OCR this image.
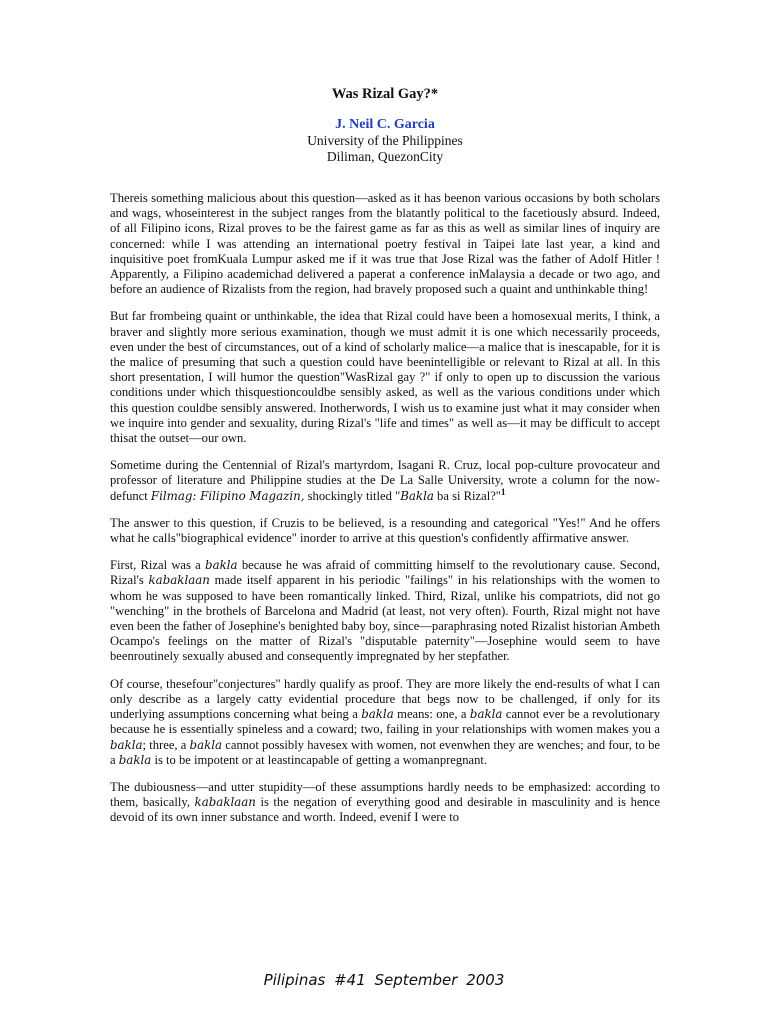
Was Rizal Gay?*
J. Neil C. Garcia
University of the Philippines
Diliman, QuezonCity

Thereis something malicious about this question—asked as it has beenon various occasions by both scholars and wags, whoseinterest in the subject ranges from the blatantly political to the facetiously absurd. Indeed, of all Filipino icons, Rizal proves to be the fairest game as far as this as well as similar lines of inquiry are concerned: while I was attending an international poetry festival in Taipei late last year, a kind and inquisitive poet fromKuala Lumpur asked me if it was true that Jose Rizal was the father of Adolf Hitler ! Apparently, a Filipino academichad delivered a paperat a conference inMalaysia a decade or two ago, and before an audience of Rizalists from the region, had bravely proposed such a quaint and unthinkable thing!

But far frombeing quaint or unthinkable, the idea that Rizal could have been a homosexual merits, I think, a braver and slightly more serious examination, though we must admit it is one which necessarily proceeds, even under the best of circumstances, out of a kind of scholarly malice—a malice that is inescapable, for it is the malice of presuming that such a question could have beenintelligible or relevant to Rizal at all. In this short presentation, I will humor the question"WasRizal gay ?" if only to open up to discussion the various conditions under which thisquestioncouldbe sensibly asked, as well as the various conditions under which this question couldbe sensibly answered. Inotherwords, I wish us to examine just what it may consider when we inquire into gender and sexuality, during Rizal's "life and times" as well as—it may be difficult to accept thisat the outset—our own.

Sometime during the Centennial of Rizal's martyrdom, Isagani R. Cruz, local pop-culture provocateur and professor of literature and Philippine studies at the De La Salle University, wrote a column for the now-defunct Filmag: Filipino Magazin, shockingly titled "Bakla ba si Rizal?"$^1$

The answer to this question, if Cruzis to be believed, is a resounding and categorical "Yes!" And he offers what he calls"biographical evidence" inorder to arrive at this question's confidently affirmative answer.

First, Rizal was a bakla because he was afraid of committing himself to the revolutionary cause. Second, Rizal's kabaklaan made itself apparent in his periodic "failings" in his relationships with the women to whom he was supposed to have been romantically linked. Third, Rizal, unlike his compatriots, did not go "wenching" in the brothels of Barcelona and Madrid (at least, not very often). Fourth, Rizal might not have even been the father of Josephine's benighted baby boy, since—paraphrasing noted Rizalist historian Ambeth Ocampo's feelings on the matter of Rizal's "disputable paternity"—Josephine would seem to have beenroutinely sexually abused and consequently impregnated by her stepfather.

Of course, thesefour"conjectures" hardly qualify as proof. They are more likely the end-results of what I can only describe as a largely catty evidential procedure that begs now to be challenged, if only for its underlying assumptions concerning what being a bakla means: one, a bakla cannot ever be a revolutionary because he is essentially spineless and a coward; two, failing in your relationships with women makes you a bakla; three, a bakla cannot possibly havesex with women, not evenwhen they are wenches; and four, to be a bakla is to be impotent or at leastincapable of getting a womanpregnant.

The dubiousness—and utter stupidity—of these assumptions hardly needs to be emphasized: according to them, basically, kabaklaan is the negation of everything good and desirable in masculinity and is hence devoid of its own inner substance and worth. Indeed, evenif I were to

Pilipinas #41 September 2003
